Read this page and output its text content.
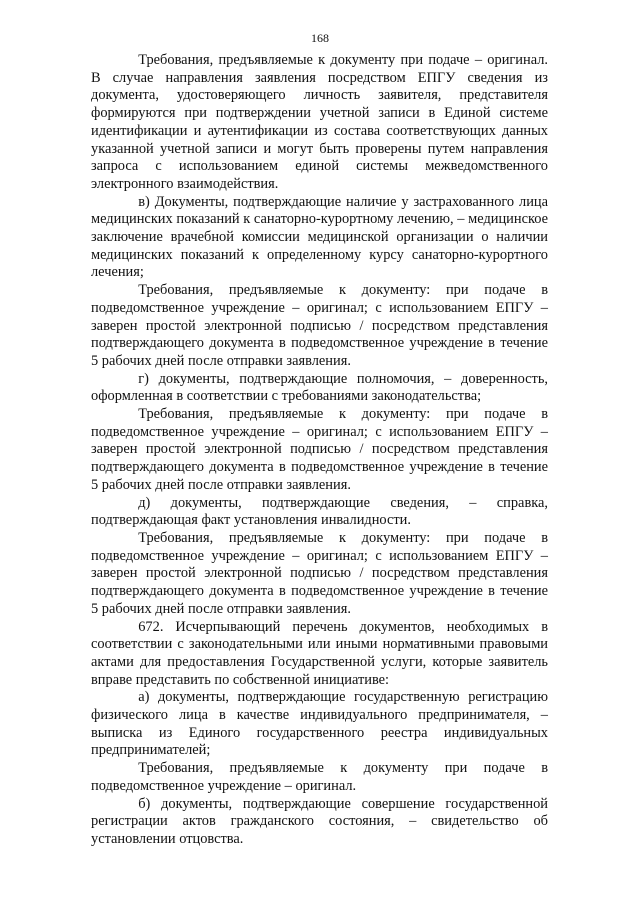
168

Требования, предъявляемые к документу при подаче – оригинал. В случае направления заявления посредством ЕПГУ сведения из документа, удостоверяющего личность заявителя, представителя формируются при подтверждении учетной записи в Единой системе идентификации и аутентификации из состава соответствующих данных указанной учетной записи и могут быть проверены путем направления запроса с использованием единой системы межведомственного электронного взаимодействия.

в) Документы, подтверждающие наличие у застрахованного лица медицинских показаний к санаторно-курортному лечению, – медицинское заключение врачебной комиссии медицинской организации о наличии медицинских показаний к определенному курсу санаторно-курортного лечения;

Требования, предъявляемые к документу: при подаче в подведомственное учреждение – оригинал; с использованием ЕПГУ – заверен простой электронной подписью / посредством представления подтверждающего документа в подведомственное учреждение в течение 5 рабочих дней после отправки заявления.

г) документы, подтверждающие полномочия, – доверенность, оформленная в соответствии с требованиями законодательства;

Требования, предъявляемые к документу: при подаче в подведомственное учреждение – оригинал; с использованием ЕПГУ – заверен простой электронной подписью / посредством представления подтверждающего документа в подведомственное учреждение в течение 5 рабочих дней после отправки заявления.

д) документы, подтверждающие сведения, – справка, подтверждающая факт установления инвалидности.

Требования, предъявляемые к документу: при подаче в подведомственное учреждение – оригинал; с использованием ЕПГУ – заверен простой электронной подписью / посредством представления подтверждающего документа в подведомственное учреждение в течение 5 рабочих дней после отправки заявления.

672. Исчерпывающий перечень документов, необходимых в соответствии с законодательными или иными нормативными правовыми актами для предоставления Государственной услуги, которые заявитель вправе представить по собственной инициативе:

а) документы, подтверждающие государственную регистрацию физического лица в качестве индивидуального предпринимателя, – выписка из Единого государственного реестра индивидуальных предпринимателей;

Требования, предъявляемые к документу при подаче в подведомственное учреждение – оригинал.

б) документы, подтверждающие совершение государственной регистрации актов гражданского состояния, – свидетельство об установлении отцовства.
